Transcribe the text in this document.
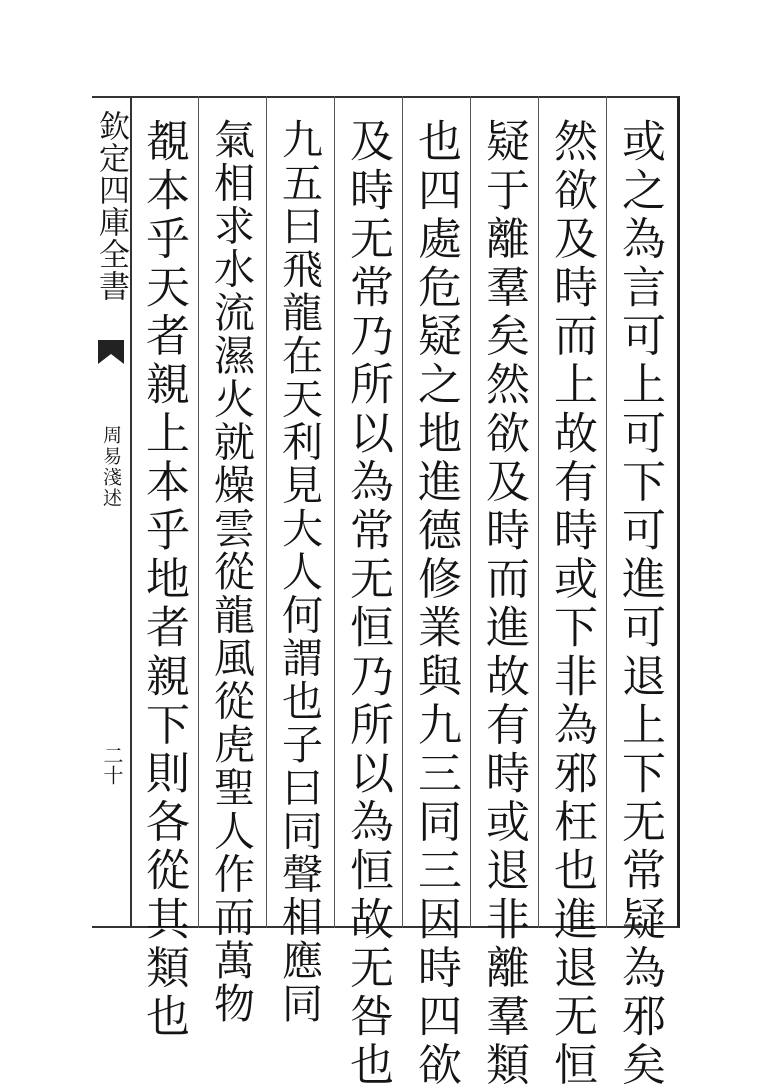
欽定四庫全書
周易淺述
二十	或之為言可上可下可進可退上下无常疑為邪矣
然欲及時而上故有時或下非為邪枉也進退无恒
疑于離羣矣然欲及時而進故有時或退非離羣類
也四處危疑之地進德修業與九三同三因時四欲
及時无常乃所以為常无恒乃所以為恒故无咎也
九五曰飛龍在天利見大人何謂也子曰同聲相應同
氣相求水流濕火就燥雲從龍風從虎聖人作而萬物
覩本乎天者親上本乎地者親下則各從其類也
